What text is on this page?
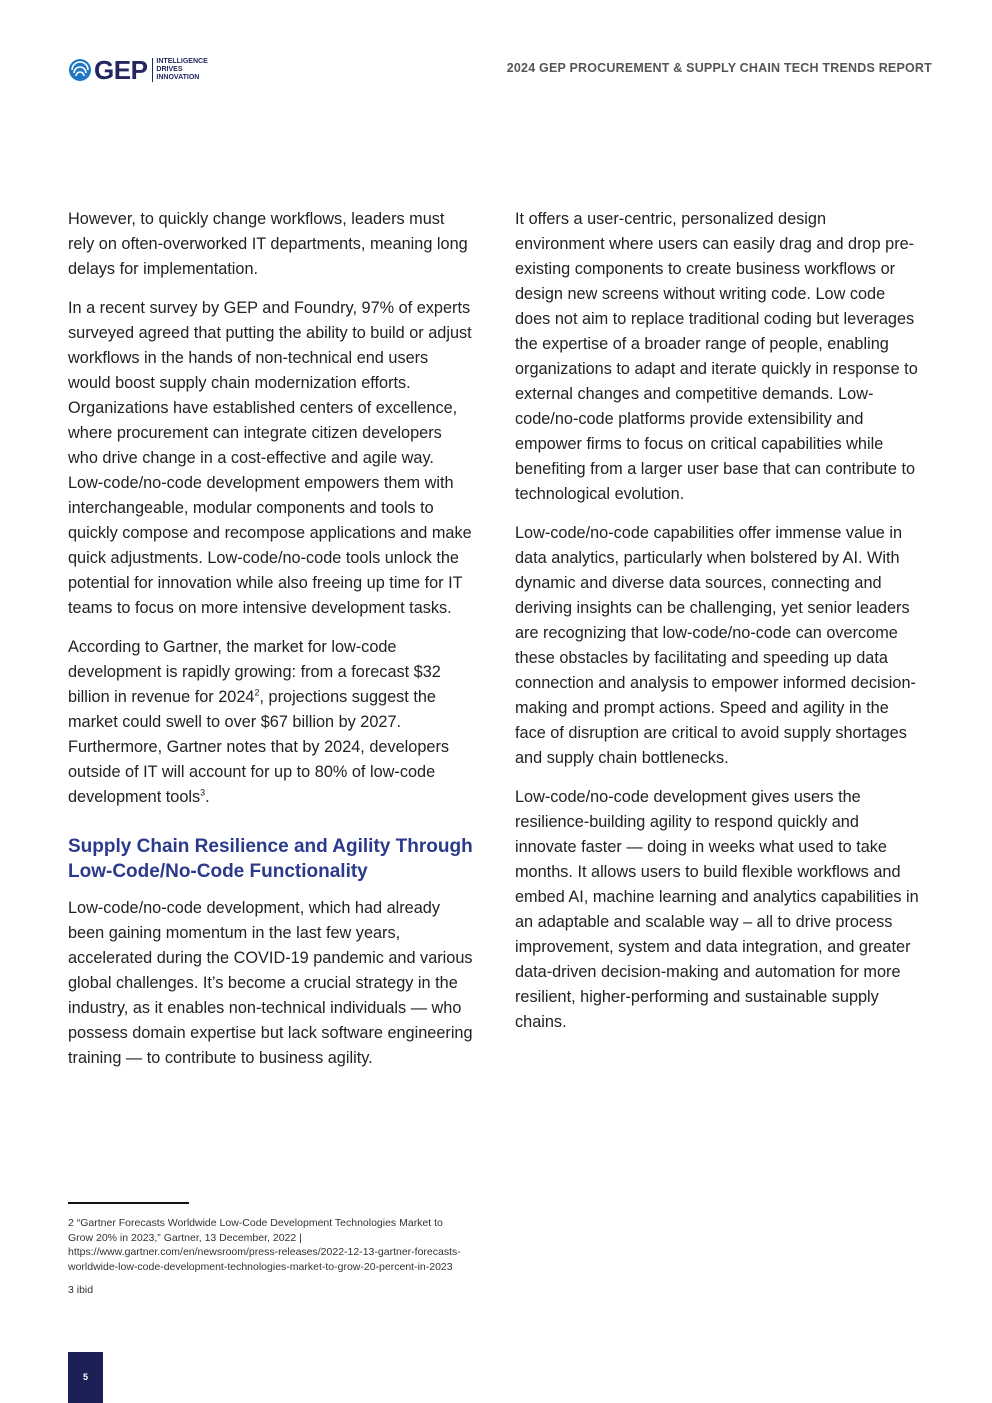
GEP INTELLIGENCE
DRIVES
INNOVATION
2024 GEP PROCUREMENT & SUPPLY CHAIN TECH TRENDS REPORT

However, to quickly change workflows, leaders must rely on often-overworked IT departments, meaning long delays for implementation.

In a recent survey by GEP and Foundry, 97% of experts surveyed agreed that putting the ability to build or adjust workflows in the hands of non-technical end users would boost supply chain modernization efforts. Organizations have established centers of excellence, where procurement can integrate citizen developers who drive change in a cost-effective and agile way. Low-code/no-code development empowers them with interchangeable, modular components and tools to quickly compose and recompose applications and make quick adjustments. Low-code/no-code tools unlock the potential for innovation while also freeing up time for IT teams to focus on more intensive development tasks.

According to Gartner, the market for low-code development is rapidly growing: from a forecast $32 billion in revenue for 2024$^2$, projections suggest the market could swell to over $67 billion by 2027. Furthermore, Gartner notes that by 2024, developers outside of IT will account for up to 80% of low-code development tools$^3$.

Supply Chain Resilience and Agility Through Low-Code/No-Code Functionality

Low-code/no-code development, which had already been gaining momentum in the last few years, accelerated during the COVID-19 pandemic and various global challenges. It’s become a crucial strategy in the industry, as it enables non-technical individuals — who possess domain expertise but lack software engineering training — to contribute to business agility.

It offers a user-centric, personalized design environment where users can easily drag and drop pre-existing components to create business workflows or design new screens without writing code. Low code does not aim to replace traditional coding but leverages the expertise of a broader range of people, enabling organizations to adapt and iterate quickly in response to external changes and competitive demands. Low-code/no-code platforms provide extensibility and empower firms to focus on critical capabilities while benefiting from a larger user base that can contribute to technological evolution.

Low-code/no-code capabilities offer immense value in data analytics, particularly when bolstered by AI. With dynamic and diverse data sources, connecting and deriving insights can be challenging, yet senior leaders are recognizing that low-code/no-code can overcome these obstacles by facilitating and speeding up data connection and analysis to empower informed decision-making and prompt actions. Speed and agility in the face of disruption are critical to avoid supply shortages and supply chain bottlenecks.

Low-code/no-code development gives users the resilience-building agility to respond quickly and innovate faster — doing in weeks what used to take months. It allows users to build flexible workflows and embed AI, machine learning and analytics capabilities in an adaptable and scalable way – all to drive process improvement, system and data integration, and greater data-driven decision-making and automation for more resilient, higher-performing and sustainable supply chains.

2 “Gartner Forecasts Worldwide Low-Code Development Technologies Market to Grow 20% in 2023,” Gartner, 13 December, 2022 | https://www.gartner.com/en/newsroom/press-releases/2022-12-13-gartner-forecasts-worldwide-low-code-development-technologies-market-to-grow-20-percent-in-2023

3 ibid

5
